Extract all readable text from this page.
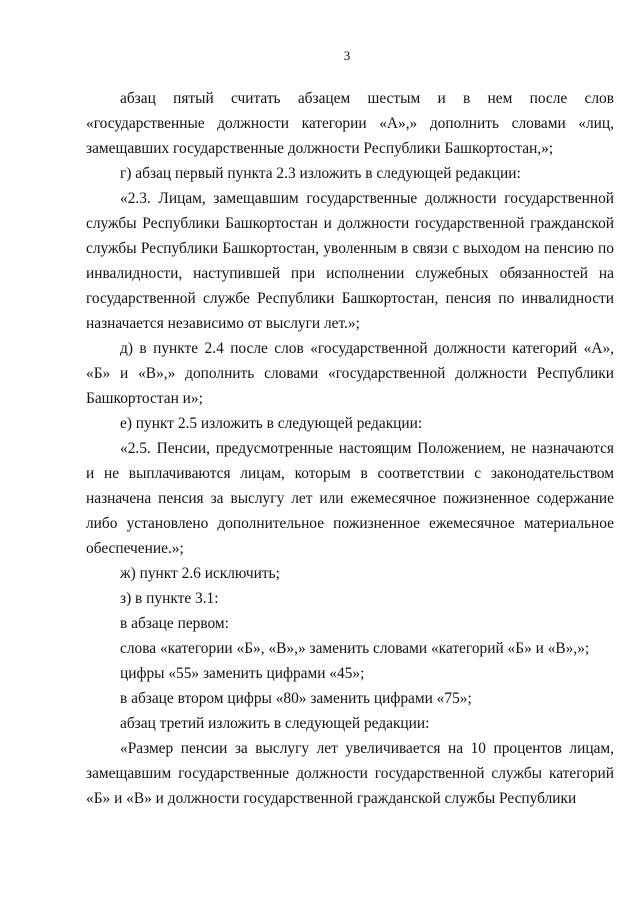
3

абзац пятый считать абзацем шестым и в нем после слов «государственные должности категории «А»,» дополнить словами «лиц, замещавших государственные должности Республики Башкортостан,»;

г) абзац первый пункта 2.3 изложить в следующей редакции:

«2.3. Лицам, замещавшим государственные должности государственной службы Республики Башкортостан и должности государственной гражданской службы Республики Башкортостан, уволенным в связи с выходом на пенсию по инвалидности, наступившей при исполнении служебных обязанностей на государственной службе Республики Башкортостан, пенсия по инвалидности назначается независимо от выслуги лет.»;

д) в пункте 2.4 после слов «государственной должности категорий «А», «Б» и «В»,» дополнить словами «государственной должности Республики Башкортостан и»;

е) пункт 2.5 изложить в следующей редакции:

«2.5. Пенсии, предусмотренные настоящим Положением, не назначаются и не выплачиваются лицам, которым в соответствии с законодательством назначена пенсия за выслугу лет или ежемесячное пожизненное содержание либо установлено дополнительное пожизненное ежемесячное материальное обеспечение.»;

ж) пункт 2.6 исключить;

з) в пункте 3.1:

в абзаце первом:

слова «категории «Б», «В»,» заменить словами «категорий «Б» и «В»,»;

цифры «55» заменить цифрами «45»;

в абзаце втором цифры «80» заменить цифрами «75»;

абзац третий изложить в следующей редакции:

«Размер пенсии за выслугу лет увеличивается на 10 процентов лицам, замещавшим государственные должности государственной службы категорий «Б» и «В» и должности государственной гражданской службы Республики
